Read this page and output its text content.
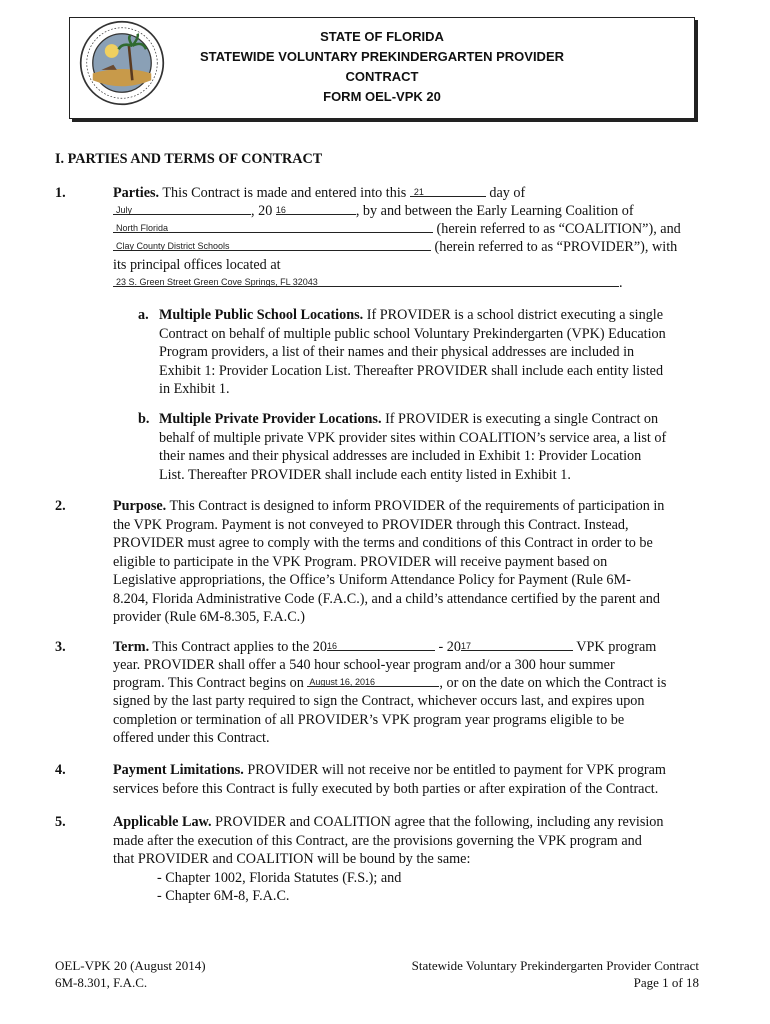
STATE OF FLORIDA
STATEWIDE VOLUNTARY PREKINDERGARTEN PROVIDER
CONTRACT
FORM OEL-VPK 20
I. PARTIES AND TERMS OF CONTRACT
1.	Parties. This Contract is made and entered into this 21	day of
July	, 20 16	, by and between the Early Learning Coalition of
North Florida	(herein referred to as “COALITION”), and
Clay County District Schools	(herein referred to as “PROVIDER”), with
its principal offices located at
23 S. Green Street Green Cove Springs, FL 32043	.
a. Multiple Public School Locations. If PROVIDER is a school district executing a single
Contract on behalf of multiple public school Voluntary Prekindergarten (VPK) Education
Program providers, a list of their names and their physical addresses are included in
Exhibit 1: Provider Location List. Thereafter PROVIDER shall include each entity listed
in Exhibit 1.
b. Multiple Private Provider Locations. If PROVIDER is executing a single Contract on
behalf of multiple private VPK provider sites within COALITION’s service area, a list of
their names and their physical addresses are included in Exhibit 1: Provider Location
List. Thereafter PROVIDER shall include each entity listed in Exhibit 1.
2.	Purpose. This Contract is designed to inform PROVIDER of the requirements of participation in
the VPK Program. Payment is not conveyed to PROVIDER through this Contract. Instead,
PROVIDER must agree to comply with the terms and conditions of this Contract in order to be
eligible to participate in the VPK Program. PROVIDER will receive payment based on
Legislative appropriations, the Office’s Uniform Attendance Policy for Payment (Rule 6M-
8.204, Florida Administrative Code (F.A.C.), and a child’s attendance certified by the parent and
provider (Rule 6M-8.305, F.A.C.)
3.	Term. This Contract applies to the 20 16	- 20 17	VPK program
year. PROVIDER shall offer a 540 hour school-year program and/or a 300 hour summer
program. This Contract begins on August 16, 2016	, or on the date on which the Contract is
signed by the last party required to sign the Contract, whichever occurs last, and expires upon
completion or termination of all PROVIDER’s VPK program year programs eligible to be
offered under this Contract.
4.	Payment Limitations. PROVIDER will not receive nor be entitled to payment for VPK program
services before this Contract is fully executed by both parties or after expiration of the Contract.
5.	Applicable Law. PROVIDER and COALITION agree that the following, including any revision
made after the execution of this Contract, are the provisions governing the VPK program and
that PROVIDER and COALITION will be bound by the same:
- Chapter 1002, Florida Statutes (F.S.); and
- Chapter 6M-8, F.A.C.
OEL-VPK 20 (August 2014)
6M-8.301, F.A.C.
Statewide Voluntary Prekindergarten Provider Contract
Page 1 of 18
